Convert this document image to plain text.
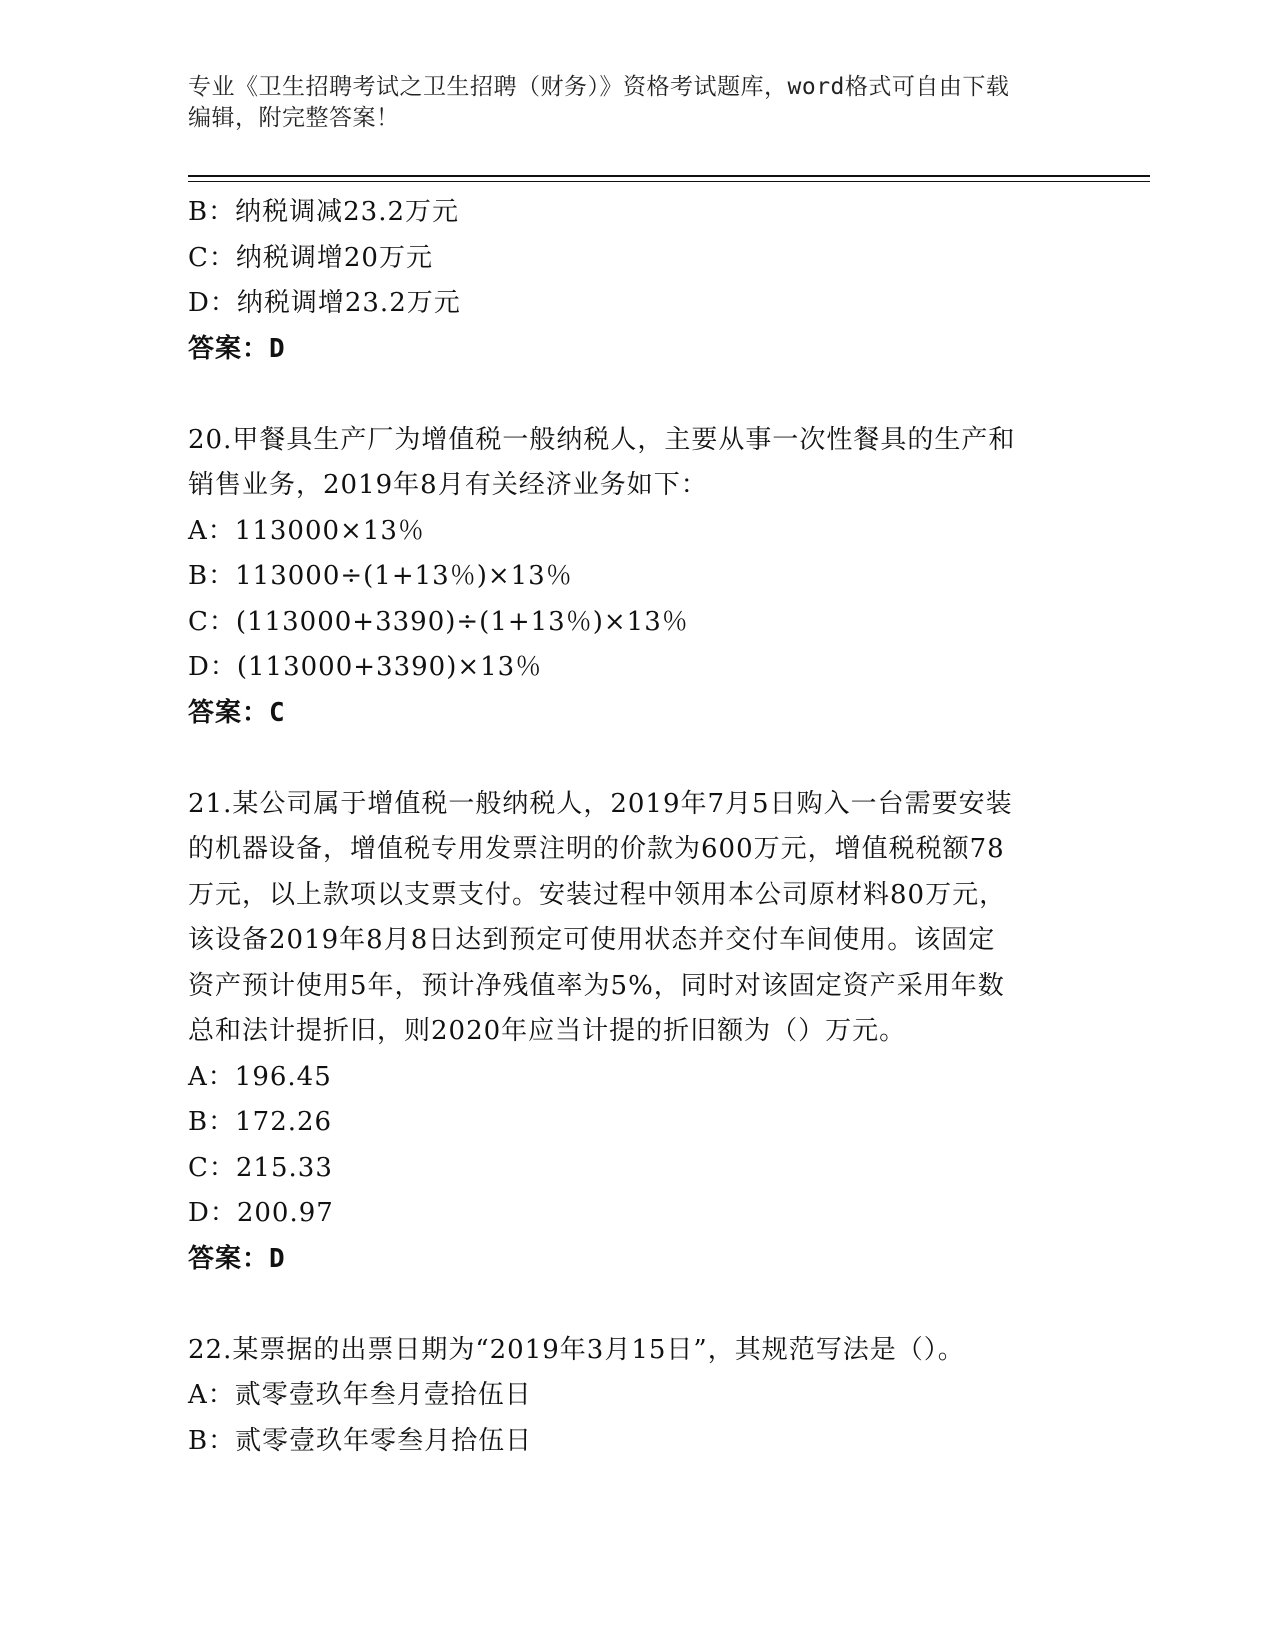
专业《卫生招聘考试之卫生招聘（财务）》资格考试题库，word格式可自由下载
编辑，附完整答案！
B：纳税调减23.2万元
C：纳税调增20万元
D：纳税调增23.2万元
答案：D
20.甲餐具生产厂为增值税一般纳税人，主要从事一次性餐具的生产和
销售业务，2019年8月有关经济业务如下：
A：113000×13％
B：113000÷(1+13％)×13％
C：(113000+3390)÷(1+13％)×13％
D：(113000+3390)×13％
答案：C
21.某公司属于增值税一般纳税人，2019年7月5日购入一台需要安装
的机器设备，增值税专用发票注明的价款为600万元，增值税税额78
万元，以上款项以支票支付。安装过程中领用本公司原材料80万元，
该设备2019年8月8日达到预定可使用状态并交付车间使用。该固定
资产预计使用5年，预计净残值率为5%，同时对该固定资产采用年数
总和法计提折旧，则2020年应当计提的折旧额为（）万元。
A：196.45
B：172.26
C：215.33
D：200.97
答案：D
22.某票据的出票日期为“2019年3月15日”，其规范写法是（）。
A：贰零壹玖年叁月壹拾伍日
B：贰零壹玖年零叁月拾伍日
